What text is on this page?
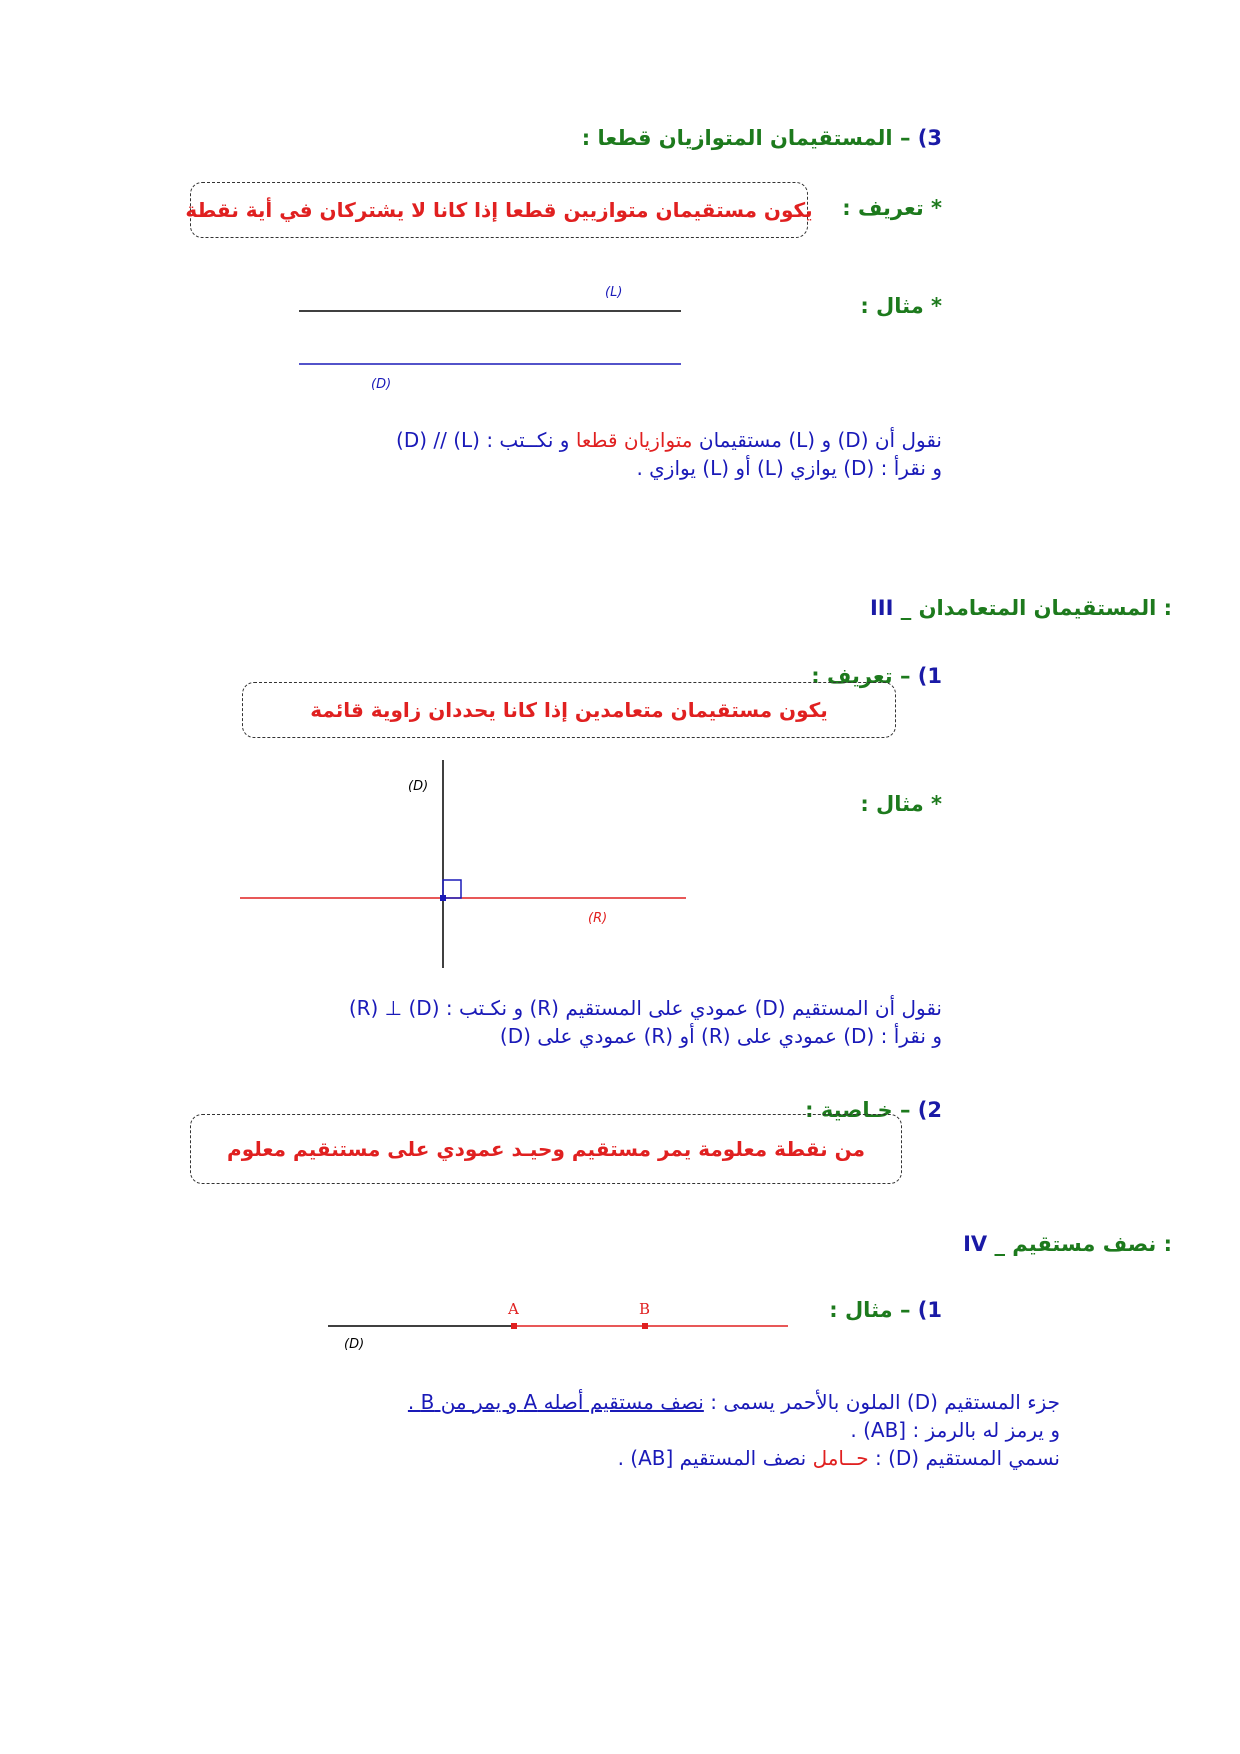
3) – المستقيمان المتوازيان قطعا :
* تعريف :
يكون مستقيمان متوازيين قطعا إذا كانا لا يشتركان في أية نقطة
* مثال :
(L)
(D)
نقول أن (D) و (L) مستقيمان متوازيان قطعا و نكــتب : (L) // (D)
و نقرأ : (D) يوازي (L) أو (L) يوازي .
III _ المستقيمان المتعامدان :
1) – تعريف :
يكون مستقيمان متعامدين إذا كانا يحددان زاوية قائمة
* مثال :
(D)
(R)
نقول أن المستقيم (D) عمودي على المستقيم (R) و نكـتب : (D) ⊥ (R)
و نقرأ : (D) عمودي على (R) أو (R) عمودي على (D)
2) – خـاصية :
من نقطة معلومة يمر مستقيم وحيـد عمودي على مستنقيم معلوم
IV _ نصف مستقيم :
1) – مثال :
A	B
(D)
جزء المستقيم (D) الملون بالأحمر يسمى : نصف مستقيم أصله A و يمر من B .
و يرمز له بالرمز : [AB) .
نسمي المستقيم (D) : حــامل نصف المستقيم [AB) .
